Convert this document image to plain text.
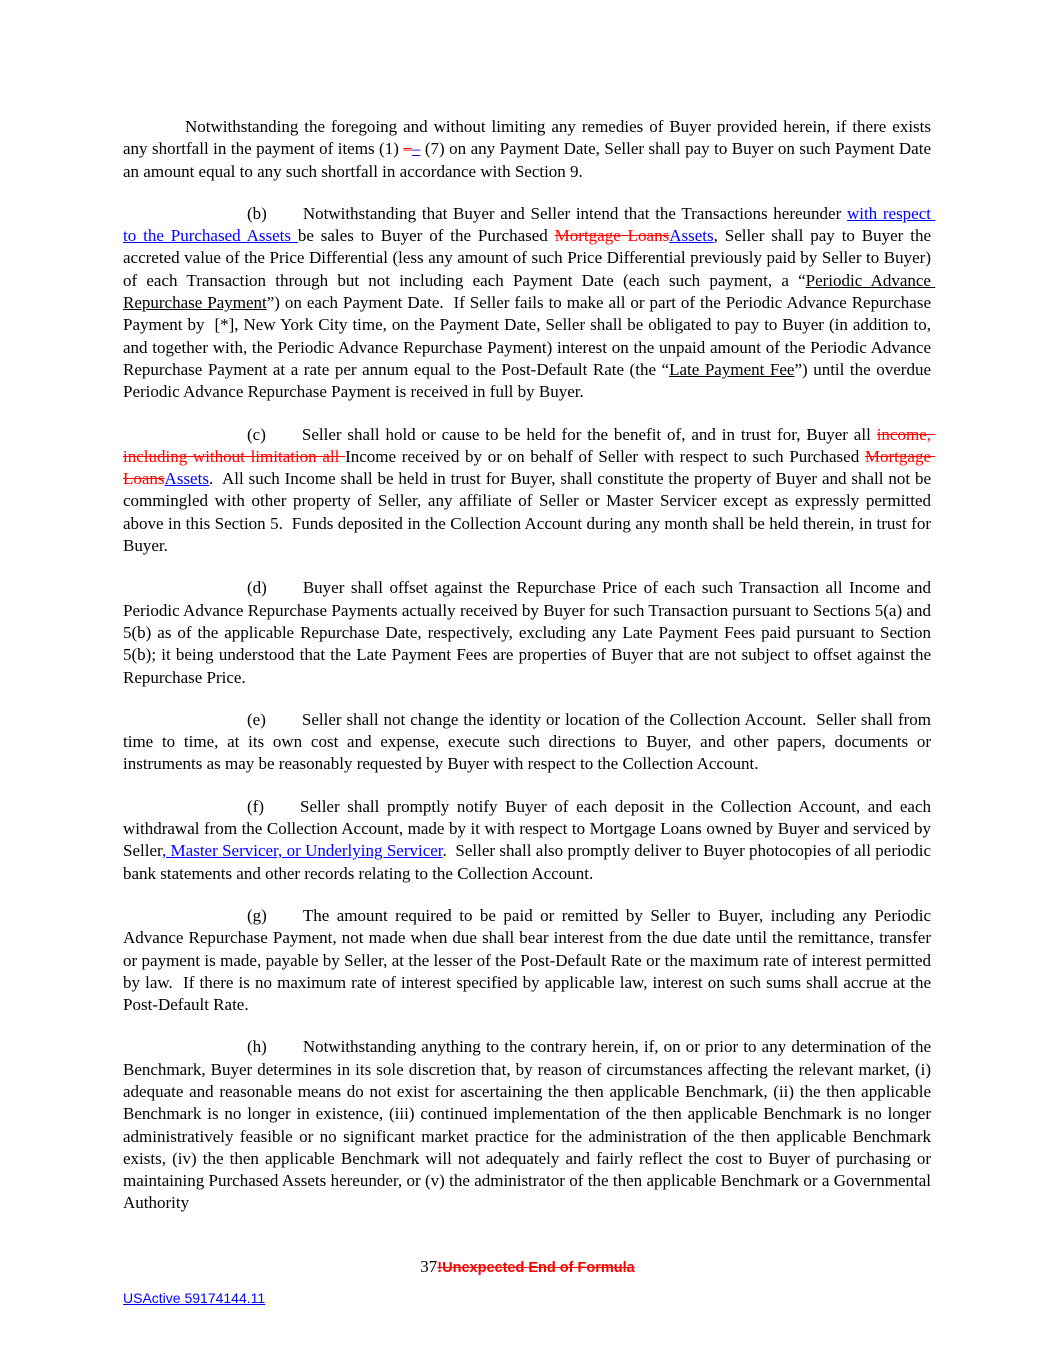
Notwithstanding the foregoing and without limiting any remedies of Buyer provided herein, if there exists any shortfall in the payment of items (1) –– (7) on any Payment Date, Seller shall pay to Buyer on such Payment Date an amount equal to any such shortfall in accordance with Section 9.

(b) Notwithstanding that Buyer and Seller intend that the Transactions hereunder with respect to the Purchased Assets be sales to Buyer of the Purchased Mortgage LoansAssets, Seller shall pay to Buyer the accreted value of the Price Differential (less any amount of such Price Differential previously paid by Seller to Buyer) of each Transaction through but not including each Payment Date (each such payment, a “Periodic Advance Repurchase Payment”) on each Payment Date.  If Seller fails to make all or part of the Periodic Advance Repurchase Payment by  [*], New York City time, on the Payment Date, Seller shall be obligated to pay to Buyer (in addition to, and together with, the Periodic Advance Repurchase Payment) interest on the unpaid amount of the Periodic Advance Repurchase Payment at a rate per annum equal to the Post-Default Rate (the “Late Payment Fee”) until the overdue Periodic Advance Repurchase Payment is received in full by Buyer.

(c) Seller shall hold or cause to be held for the benefit of, and in trust for, Buyer all income, including without limitation all Income received by or on behalf of Seller with respect to such Purchased Mortgage LoansAssets.  All such Income shall be held in trust for Buyer, shall constitute the property of Buyer and shall not be commingled with other property of Seller, any affiliate of Seller or Master Servicer except as expressly permitted above in this Section 5.  Funds deposited in the Collection Account during any month shall be held therein, in trust for Buyer.

(d) Buyer shall offset against the Repurchase Price of each such Transaction all Income and Periodic Advance Repurchase Payments actually received by Buyer for such Transaction pursuant to Sections 5(a) and 5(b) as of the applicable Repurchase Date, respectively, excluding any Late Payment Fees paid pursuant to Section 5(b); it being understood that the Late Payment Fees are properties of Buyer that are not subject to offset against the Repurchase Price.

(e) Seller shall not change the identity or location of the Collection Account.  Seller shall from time to time, at its own cost and expense, execute such directions to Buyer, and other papers, documents or instruments as may be reasonably requested by Buyer with respect to the Collection Account.

(f) Seller shall promptly notify Buyer of each deposit in the Collection Account, and each withdrawal from the Collection Account, made by it with respect to Mortgage Loans owned by Buyer and serviced by Seller, Master Servicer, or Underlying Servicer.  Seller shall also promptly deliver to Buyer photocopies of all periodic bank statements and other records relating to the Collection Account.

(g) The amount required to be paid or remitted by Seller to Buyer, including any Periodic Advance Repurchase Payment, not made when due shall bear interest from the due date until the remittance, transfer or payment is made, payable by Seller, at the lesser of the Post-Default Rate or the maximum rate of interest permitted by law.  If there is no maximum rate of interest specified by applicable law, interest on such sums shall accrue at the Post-Default Rate.

(h) Notwithstanding anything to the contrary herein, if, on or prior to any determination of the Benchmark, Buyer determines in its sole discretion that, by reason of circumstances affecting the relevant market, (i) adequate and reasonable means do not exist for ascertaining the then applicable Benchmark, (ii) the then applicable Benchmark is no longer in existence, (iii) continued implementation of the then applicable Benchmark is no longer administratively feasible or no significant market practice for the administration of the then applicable Benchmark exists, (iv) the then applicable Benchmark will not adequately and fairly reflect the cost to Buyer of purchasing or maintaining Purchased Assets hereunder, or (v) the administrator of the then applicable Benchmark or a Governmental Authority

37!Unexpected End of Formula
USActive 59174144.11
